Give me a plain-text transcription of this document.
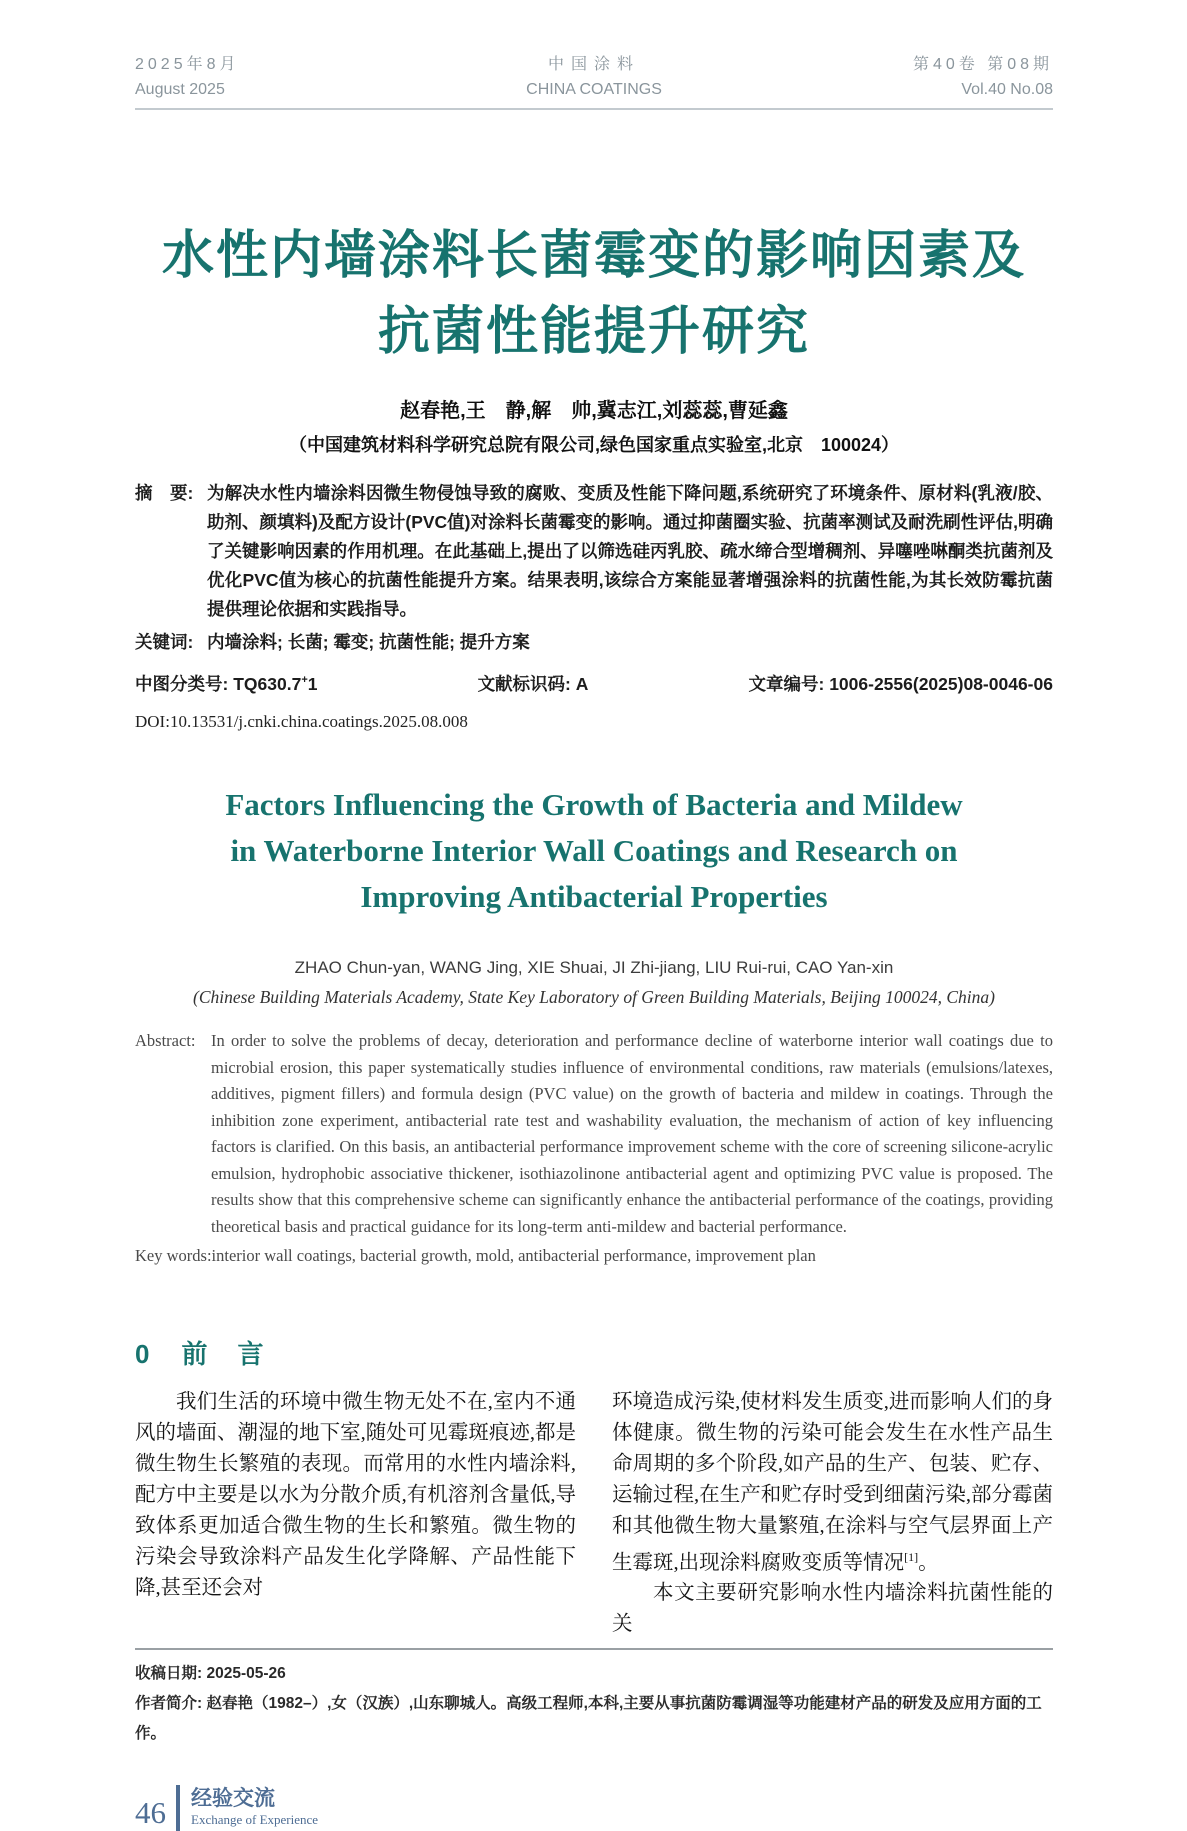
2025年8月
August 2025
中国涂料
CHINA COATINGS
第40卷 第08期
Vol.40 No.08
水性内墙涂料长菌霉变的影响因素及
抗菌性能提升研究
赵春艳,王　静,解　帅,冀志江,刘蕊蕊,曹延鑫
（中国建筑材料科学研究总院有限公司,绿色国家重点实验室,北京　100024）
摘　要: 为解决水性内墙涂料因微生物侵蚀导致的腐败、变质及性能下降问题,系统研究了环境条件、原材料(乳液/胶、助剂、颜填料)及配方设计(PVC值)对涂料长菌霉变的影响。通过抑菌圈实验、抗菌率测试及耐洗刷性评估,明确了关键影响因素的作用机理。在此基础上,提出了以筛选硅丙乳胶、疏水缔合型增稠剂、异噻唑啉酮类抗菌剂及优化PVC值为核心的抗菌性能提升方案。结果表明,该综合方案能显著增强涂料的抗菌性能,为其长效防霉抗菌提供理论依据和实践指导。
关键词: 内墙涂料; 长菌; 霉变; 抗菌性能; 提升方案
中图分类号: TQ630.7+1	文献标识码: A	文章编号: 1006-2556(2025)08-0046-06
DOI:10.13531/j.cnki.china.coatings.2025.08.008
Factors Influencing the Growth of Bacteria and Mildew
in Waterborne Interior Wall Coatings and Research on
Improving Antibacterial Properties
ZHAO Chun-yan, WANG Jing, XIE Shuai, JI Zhi-jiang, LIU Rui-rui, CAO Yan-xin
(Chinese Building Materials Academy, State Key Laboratory of Green Building Materials, Beijing 100024, China)
Abstract: In order to solve the problems of decay, deterioration and performance decline of waterborne interior wall coatings due to microbial erosion, this paper systematically studies influence of environmental conditions, raw materials (emulsions/latexes, additives, pigment fillers) and formula design (PVC value) on the growth of bacteria and mildew in coatings. Through the inhibition zone experiment, antibacterial rate test and washability evaluation, the mechanism of action of key influencing factors is clarified. On this basis, an antibacterial performance improvement scheme with the core of screening silicone-acrylic emulsion, hydrophobic associative thickener, isothiazolinone antibacterial agent and optimizing PVC value is proposed. The results show that this comprehensive scheme can significantly enhance the antibacterial performance of the coatings, providing theoretical basis and practical guidance for its long-term anti-mildew and bacterial performance.
Key words: interior wall coatings, bacterial growth, mold, antibacterial performance, improvement plan
0 前　言

我们生活的环境中微生物无处不在,室内不通风的墙面、潮湿的地下室,随处可见霉斑痕迹,都是微生物生长繁殖的表现。而常用的水性内墙涂料,配方中主要是以水为分散介质,有机溶剂含量低,导致体系更加适合微生物的生长和繁殖。微生物的污染会导致涂料产品发生化学降解、产品性能下降,甚至还会对

环境造成污染,使材料发生质变,进而影响人们的身体健康。微生物的污染可能会发生在水性产品生命周期的多个阶段,如产品的生产、包装、贮存、运输过程,在生产和贮存时受到细菌污染,部分霉菌和其他微生物大量繁殖,在涂料与空气层界面上产生霉斑,出现涂料腐败变质等情况[1]。

本文主要研究影响水性内墙涂料抗菌性能的关

收稿日期: 2025-05-26
作者简介: 赵春艳（1982–）,女（汉族）,山东聊城人。高级工程师,本科,主要从事抗菌防霉调湿等功能建材产品的研发及应用方面的工作。
46 经验交流
Exchange of Experience
